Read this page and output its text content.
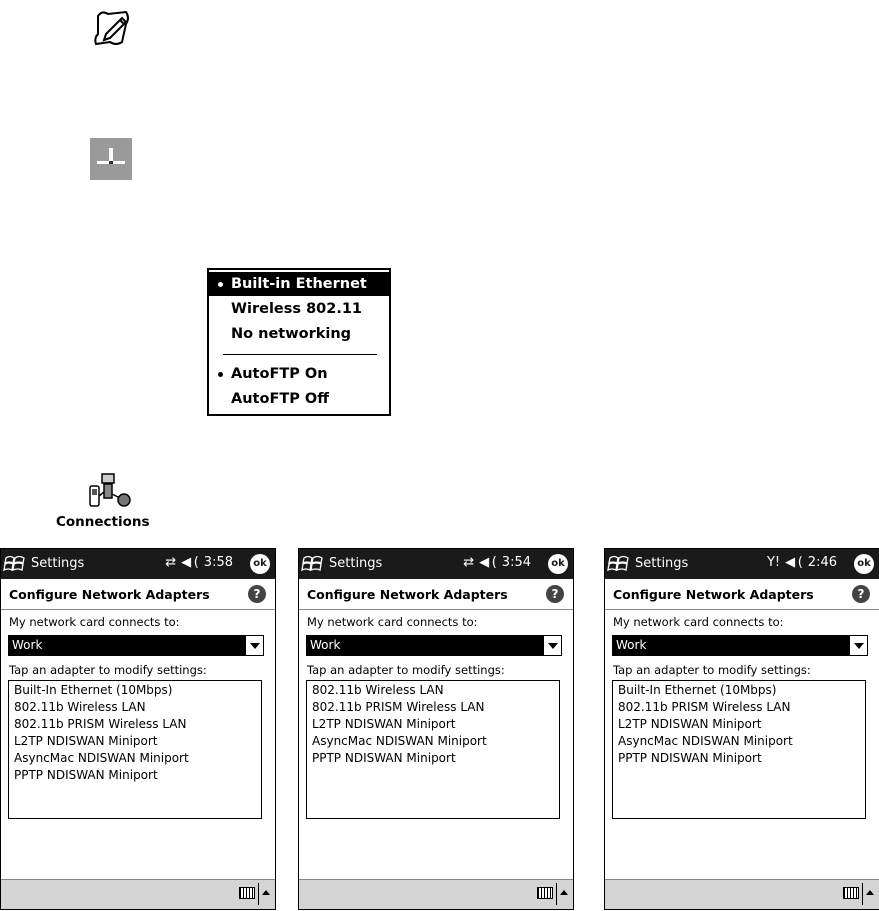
Built-in Ethernet
Wireless 802.11
No networking
AutoFTP On
AutoFTP Off
Connections
Settings	⇄ ◀ ( 3:58	ok
Configure Network Adapters	?
My network card connects to:
Work
Tap an adapter to modify settings:
Built-In Ethernet (10Mbps)
802.11b Wireless LAN
802.11b PRISM Wireless LAN
L2TP NDISWAN Miniport
AsyncMac NDISWAN Miniport
PPTP NDISWAN Miniport
Settings	⇄ ◀ ( 3:54	ok
Configure Network Adapters	?
My network card connects to:
Work
Tap an adapter to modify settings:
802.11b Wireless LAN
802.11b PRISM Wireless LAN
L2TP NDISWAN Miniport
AsyncMac NDISWAN Miniport
PPTP NDISWAN Miniport
Settings	Y! ◀ ( 2:46	ok
Configure Network Adapters	?
My network card connects to:
Work
Tap an adapter to modify settings:
Built-In Ethernet (10Mbps)
802.11b PRISM Wireless LAN
L2TP NDISWAN Miniport
AsyncMac NDISWAN Miniport
PPTP NDISWAN Miniport
